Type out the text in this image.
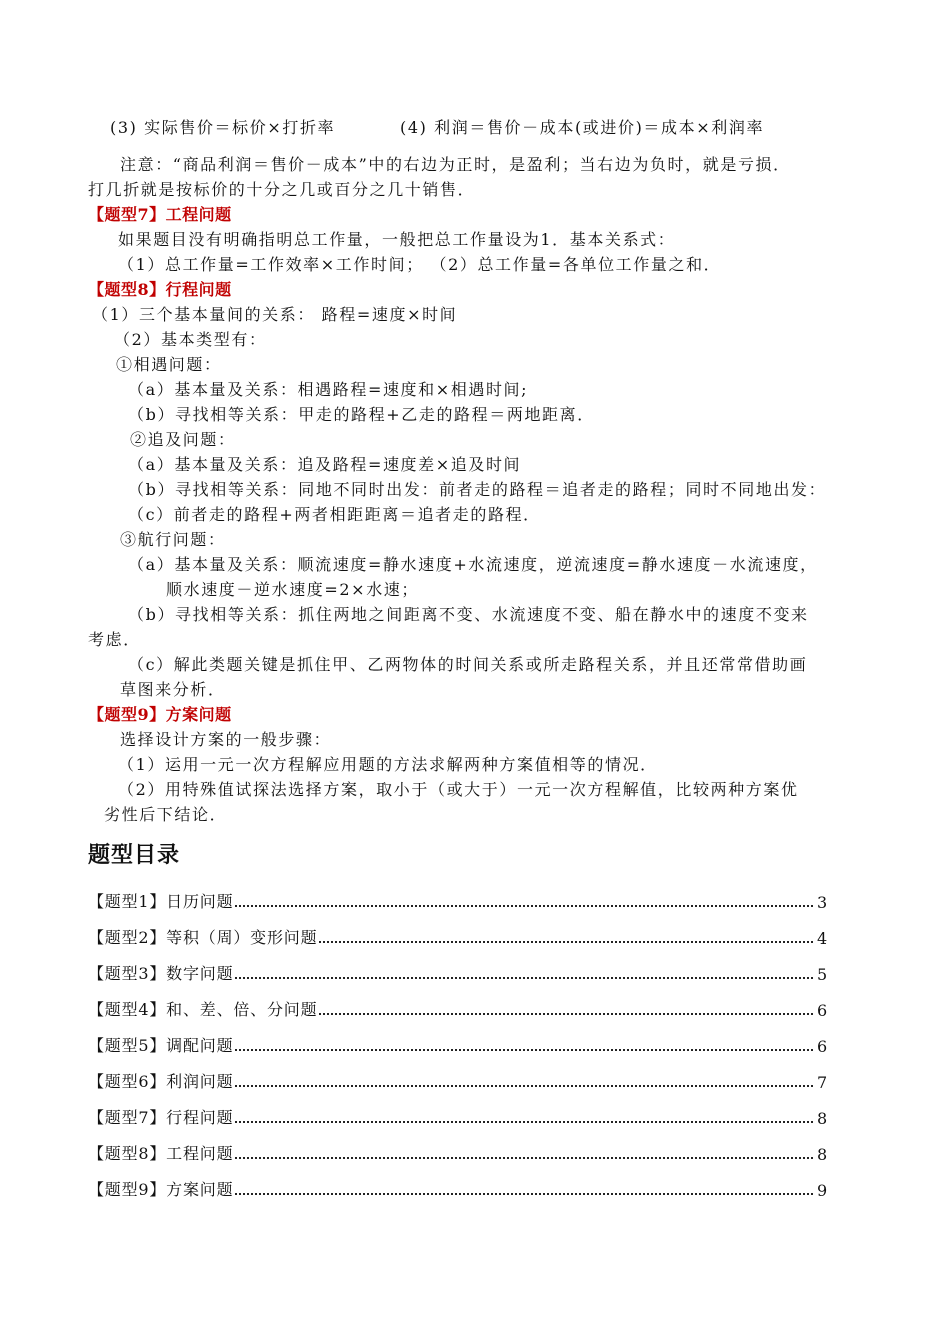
(3) 实际售价＝标价×打折率	(4) 利润＝售价－成本(或进价)＝成本×利润率
注意：“商品利润＝售价－成本”中的右边为正时，是盈利；当右边为负时，就是亏损．
打几折就是按标价的十分之几或百分之几十销售．
【题型7】工程问题
如果题目没有明确指明总工作量，一般把总工作量设为1．基本关系式：
（1）总工作量=工作效率×工作时间； （2）总工作量=各单位工作量之和．
【题型8】行程问题
（1）三个基本量间的关系： 路程=速度×时间
（2）基本类型有：
①相遇问题：
（a）基本量及关系：相遇路程=速度和×相遇时间;
（b）寻找相等关系：甲走的路程+乙走的路程＝两地距离．
②追及问题：
（a）基本量及关系：追及路程=速度差×追及时间
（b）寻找相等关系：同地不同时出发：前者走的路程＝追者走的路程；同时不同地出发：
（c）前者走的路程+两者相距距离＝追者走的路程．
③航行问题：
（a）基本量及关系：顺流速度=静水速度+水流速度，逆流速度=静水速度－水流速度，
顺水速度－逆水速度=2×水速；
（b）寻找相等关系：抓住两地之间距离不变、水流速度不变、船在静水中的速度不变来
考虑．
（c）解此类题关键是抓住甲、乙两物体的时间关系或所走路程关系，并且还常常借助画
草图来分析．
【题型9】方案问题
选择设计方案的一般步骤：
（1）运用一元一次方程解应用题的方法求解两种方案值相等的情况．
（2）用特殊值试探法选择方案，取小于（或大于）一元一次方程解值，比较两种方案优
劣性后下结论．
题型目录
【题型1】日历问题	3
【题型2】等积（周）变形问题	4
【题型3】数字问题	5
【题型4】和、差、倍、分问题	6
【题型5】调配问题	6
【题型6】利润问题	7
【题型7】行程问题	8
【题型8】工程问题	8
【题型9】方案问题	9
